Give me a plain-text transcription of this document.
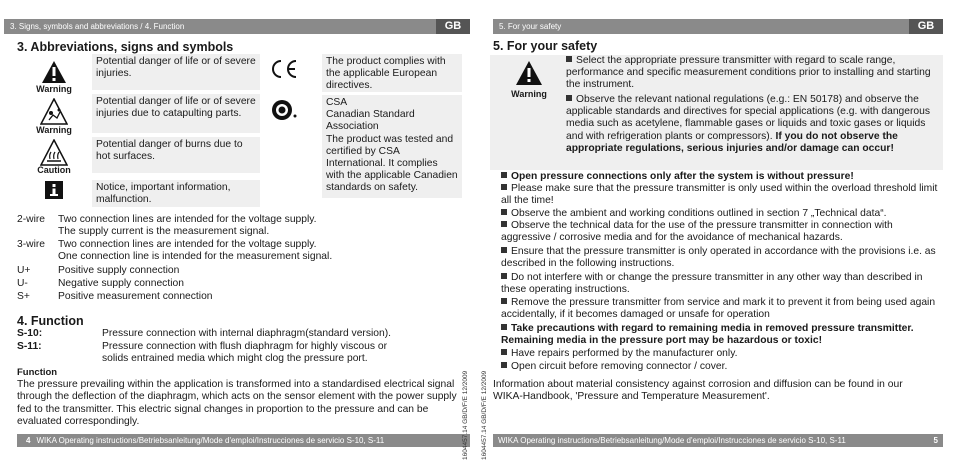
3. Signs, symbols and abbreviations / 4. Function	GB
3. Abbreviations, signs and symbols
Warning
Potential danger of life or of severe injuries.
Warning
Potential danger of life or of severe injuries due to catapulting parts.
Caution
Potential danger of burns due to hot surfaces.
Notice, important information, malfunction.
The product complies with the applicable European directives.
CSA
Canadian Standard Association
The product was tested and certified by CSA International. It complies with the applicable Canadien standards on safety.
2-wire Two connection lines are intended for the voltage supply.
The supply current is the measurement signal.
3-wire Two connection lines are intended for the voltage supply.
One connection line is intended for the measurement signal.
U+	Positive supply connection
U-	Negative supply connection
S+	Positive measurement connection
4. Function
S-10:	Pressure connection with internal diaphragm(standard version).
S-11:	Pressure connection with flush diaphragm for highly viscous or
solids entrained media which might clog the pressure port.
Function
The pressure prevailing within the application is transformed into a standardised electrical signal through the deflection of the diaphragm, which acts on the sensor element with the power supply fed to the transmitter. This electric signal changes in proportion to the pressure and can be evaluated correspondingly.
4 WIKA Operating instructions/Betriebsanleitung/Mode d'emploi/Instrucciones de servicio S-10, S-11	1604457.14 GB/D/F/E 12/2009 1604457.14 GB/D/F/E 12/2009
5. For your safety	GB
5. For your safety
Warning
Select the appropriate pressure transmitter with regard to scale range, performance and specific measurement conditions prior to installing and starting the instrument.
Observe the relevant national regulations (e.g.: EN 50178) and observe the applicable standards and directives for special applications (e.g. with dangerous media such as acetylene, flammable gases or liquids and toxic gases or liquids and with refrigeration plants or compressors). If you do not observe the appropriate regulations, serious injuries and/or damage can occur!
Open pressure connections only after the system is without pressure!
Please make sure that the pressure transmitter is only used within the overload threshold limit all the time!
Observe the ambient and working conditions outlined in section 7 „Technical data“.
Observe the technical data for the use of the pressure transmitter in connection with aggressive / corrosive media and for the avoidance of mechanical hazards.
Ensure that the pressure transmitter is only operated in accordance with the provisions i.e. as described in the following instructions.
Do not interfere with or change the pressure transmitter in any other way than described in these operating instructions.
Remove the pressure transmitter from service and mark it to prevent it from being used again accidentally, if it becomes damaged or unsafe for operation
Take precautions with regard to remaining media in removed pressure transmitter. Remaining media in the pressure port may be hazardous or toxic!
Have repairs performed by the manufacturer only.
Open circuit before removing connector / cover.
Information about material consistency against corrosion and diffusion can be found in our WIKA-Handbook, 'Pressure and Temperature Measurement'.
WIKA Operating instructions/Betriebsanleitung/Mode d'emploi/Instrucciones de servicio S-10, S-11	5
